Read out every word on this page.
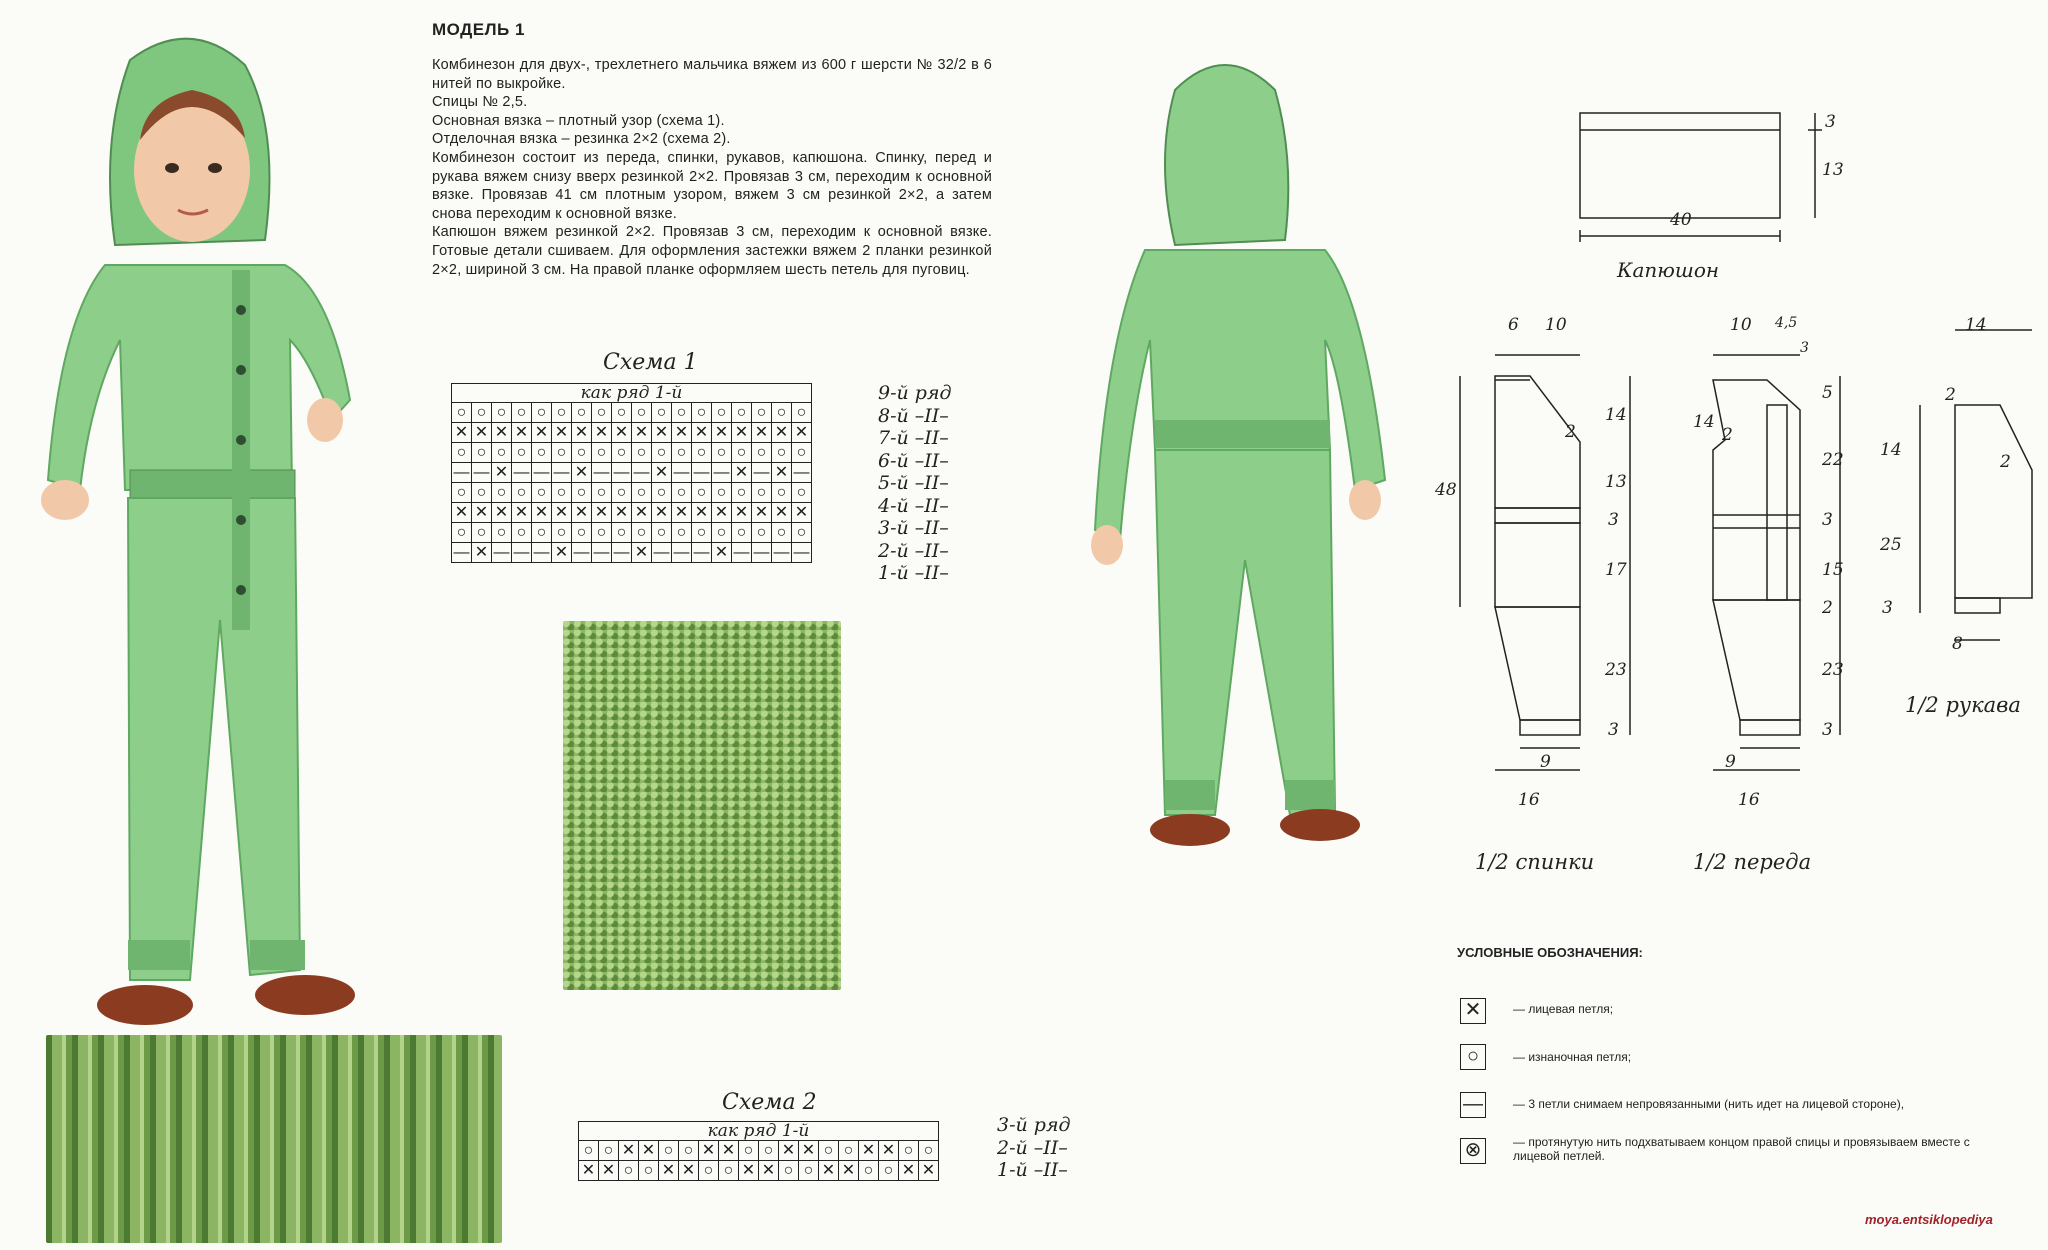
МОДЕЛЬ 1

Комбинезон для двух-, трехлетнего мальчика вяжем из 600 г шерсти № 32/2 в 6 нитей по выкройке.

Спицы № 2,5.

Основная вязка – плотный узор (схема 1).

Отделочная вязка – резинка 2×2 (схема 2).

Комбинезон состоит из переда, спинки, рукавов, капюшона. Спинку, перед и рукава вяжем снизу вверх резинкой 2×2. Провязав 3 см, переходим к основной вязке. Провязав 41 см плотным узором, вяжем 3 см резинкой 2×2, а затем снова переходим к основной вязке.

Капюшон вяжем резинкой 2×2. Провязав 3 см, переходим к основной вязке. Готовые детали сшиваем. Для оформления застежки вяжем 2 планки резинкой 2×2, шириной 3 см. На правой планке оформляем шесть петель для пуговиц.

Схема 1
как ряд 1-й																	
○	○	○	○	○	○	○	○	○	○	○	○	○	○	○	○	○	○
✕	✕	✕	✕	✕	✕	✕	✕	✕	✕	✕	✕	✕	✕	✕	✕	✕	✕
○	○	○	○	○	○	○	○	○	○	○	○	○	○	○	○	○	○
—	—	✕	—	—	—	✕	—	—	—	✕	—	—	—	✕	—	✕	—
○	○	○	○	○	○	○	○	○	○	○	○	○	○	○	○	○	○
✕	✕	✕	✕	✕	✕	✕	✕	✕	✕	✕	✕	✕	✕	✕	✕	✕	✕
○	○	○	○	○	○	○	○	○	○	○	○	○	○	○	○	○	○
—	✕	—	—	—	✕	—	—	—	✕	—	—	—	✕	—	—	—	—
9-й ряд
8-й –II–
7-й –II–
6-й –II–
5-й –II–
4-й –II–
3-й –II–
2-й –II–
1-й –II–
Схема 2
как ряд 1-й																	
○	○	✕	✕	○	○	✕	✕	○	○	✕	✕	○	○	✕	✕	○	○
✕	✕	○	○	✕	✕	○	○	✕	✕	○	○	✕	✕	○	○	✕	✕
3-й ряд
2-й –II–
1-й –II–
Капюшон
40
3
13
6 10
48
2
14
13
3
17
23
3
9
16
1/2 спинки
10 4,5
14
2
3
5
22
3
15
2
23
3
9
16
1/2 переда
14
2
2
14
25
3
8
1/2 рукава
УСЛОВНЫЕ ОБОЗНАЧЕНИЯ:
✕	— лицевая петля;
○	— изнаночная петля;
—	— 3 петли снимаем непровязанными (нить идет на лицевой стороне),
⊗	— протянутую нить подхватываем концом правой спицы и провязываем вместе с лицевой петлей.
moya.entsiklopediya
